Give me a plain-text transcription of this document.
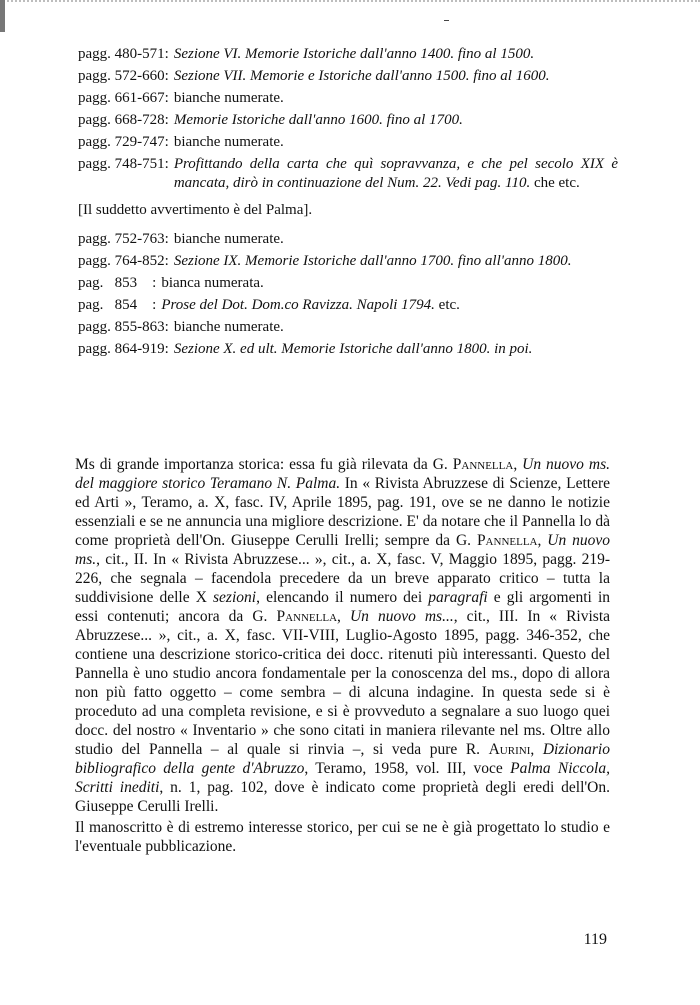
pagg. 480-571: Sezione VI. Memorie Istoriche dall'anno 1400. fino al 1500.
pagg. 572-660: Sezione VII. Memorie e Istoriche dall'anno 1500. fino al 1600.
pagg. 661-667: bianche numerate.
pagg. 668-728: Memorie Istoriche dall'anno 1600. fino al 1700.
pagg. 729-747: bianche numerate.
pagg. 748-751: Profittando della carta che quì sopravvanza, e che pel secolo XIX è mancata, dirò in continuazione del Num. 22. Vedi pag. 110. che etc.

[Il suddetto avvertimento è del Palma].

pagg. 752-763: bianche numerate.
pagg. 764-852: Sezione IX. Memorie Istoriche dall'anno 1700. fino all'anno 1800.
pag.   853    : bianca numerata.
pag.   854    : Prose del Dot. Dom.co Ravizza. Napoli 1794. etc.
pagg. 855-863: bianche numerate.
pagg. 864-919: Sezione X. ed ult. Memorie Istoriche dall'anno 1800. in poi.

Ms di grande importanza storica: essa fu già rilevata da G. Pannella, Un nuovo ms. del maggiore storico Teramano N. Palma. In « Rivista Abruzzese di Scienze, Lettere ed Arti », Teramo, a. X, fasc. IV, Aprile 1895, pag. 191, ove se ne danno le notizie essenziali e se ne annuncia una migliore descrizione. E' da notare che il Pannella lo dà come proprietà dell'On. Giuseppe Cerulli Irelli; sempre da G. Pannella, Un nuovo ms., cit., II. In « Rivista Abruzzese... », cit., a. X, fasc. V, Maggio 1895, pagg. 219-226, che segnala – facendola precedere da un breve apparato critico – tutta la suddivisione delle X sezioni, elencando il numero dei paragrafi e gli argomenti in essi contenuti; ancora da G. Pannella, Un nuovo ms..., cit., III. In « Rivista Abruzzese... », cit., a. X, fasc. VII-VIII, Luglio-Agosto 1895, pagg. 346-352, che contiene una descrizione storico-critica dei docc. ritenuti più interessanti. Questo del Pannella è uno studio ancora fondamentale per la conoscenza del ms., dopo di allora non più fatto oggetto – come sembra – di alcuna indagine. In questa sede si è proceduto ad una completa revisione, e si è provveduto a segnalare a suo luogo quei docc. del nostro « Inventario » che sono citati in maniera rilevante nel ms. Oltre allo studio del Pannella – al quale si rinvia –, si veda pure R. Aurini, Dizionario bibliografico della gente d'Abruzzo, Teramo, 1958, vol. III, voce Palma Niccola, Scritti inediti, n. 1, pag. 102, dove è indicato come proprietà degli eredi dell'On. Giuseppe Cerulli Irelli.

Il manoscritto è di estremo interesse storico, per cui se ne è già progettato lo studio e l'eventuale pubblicazione.

119
